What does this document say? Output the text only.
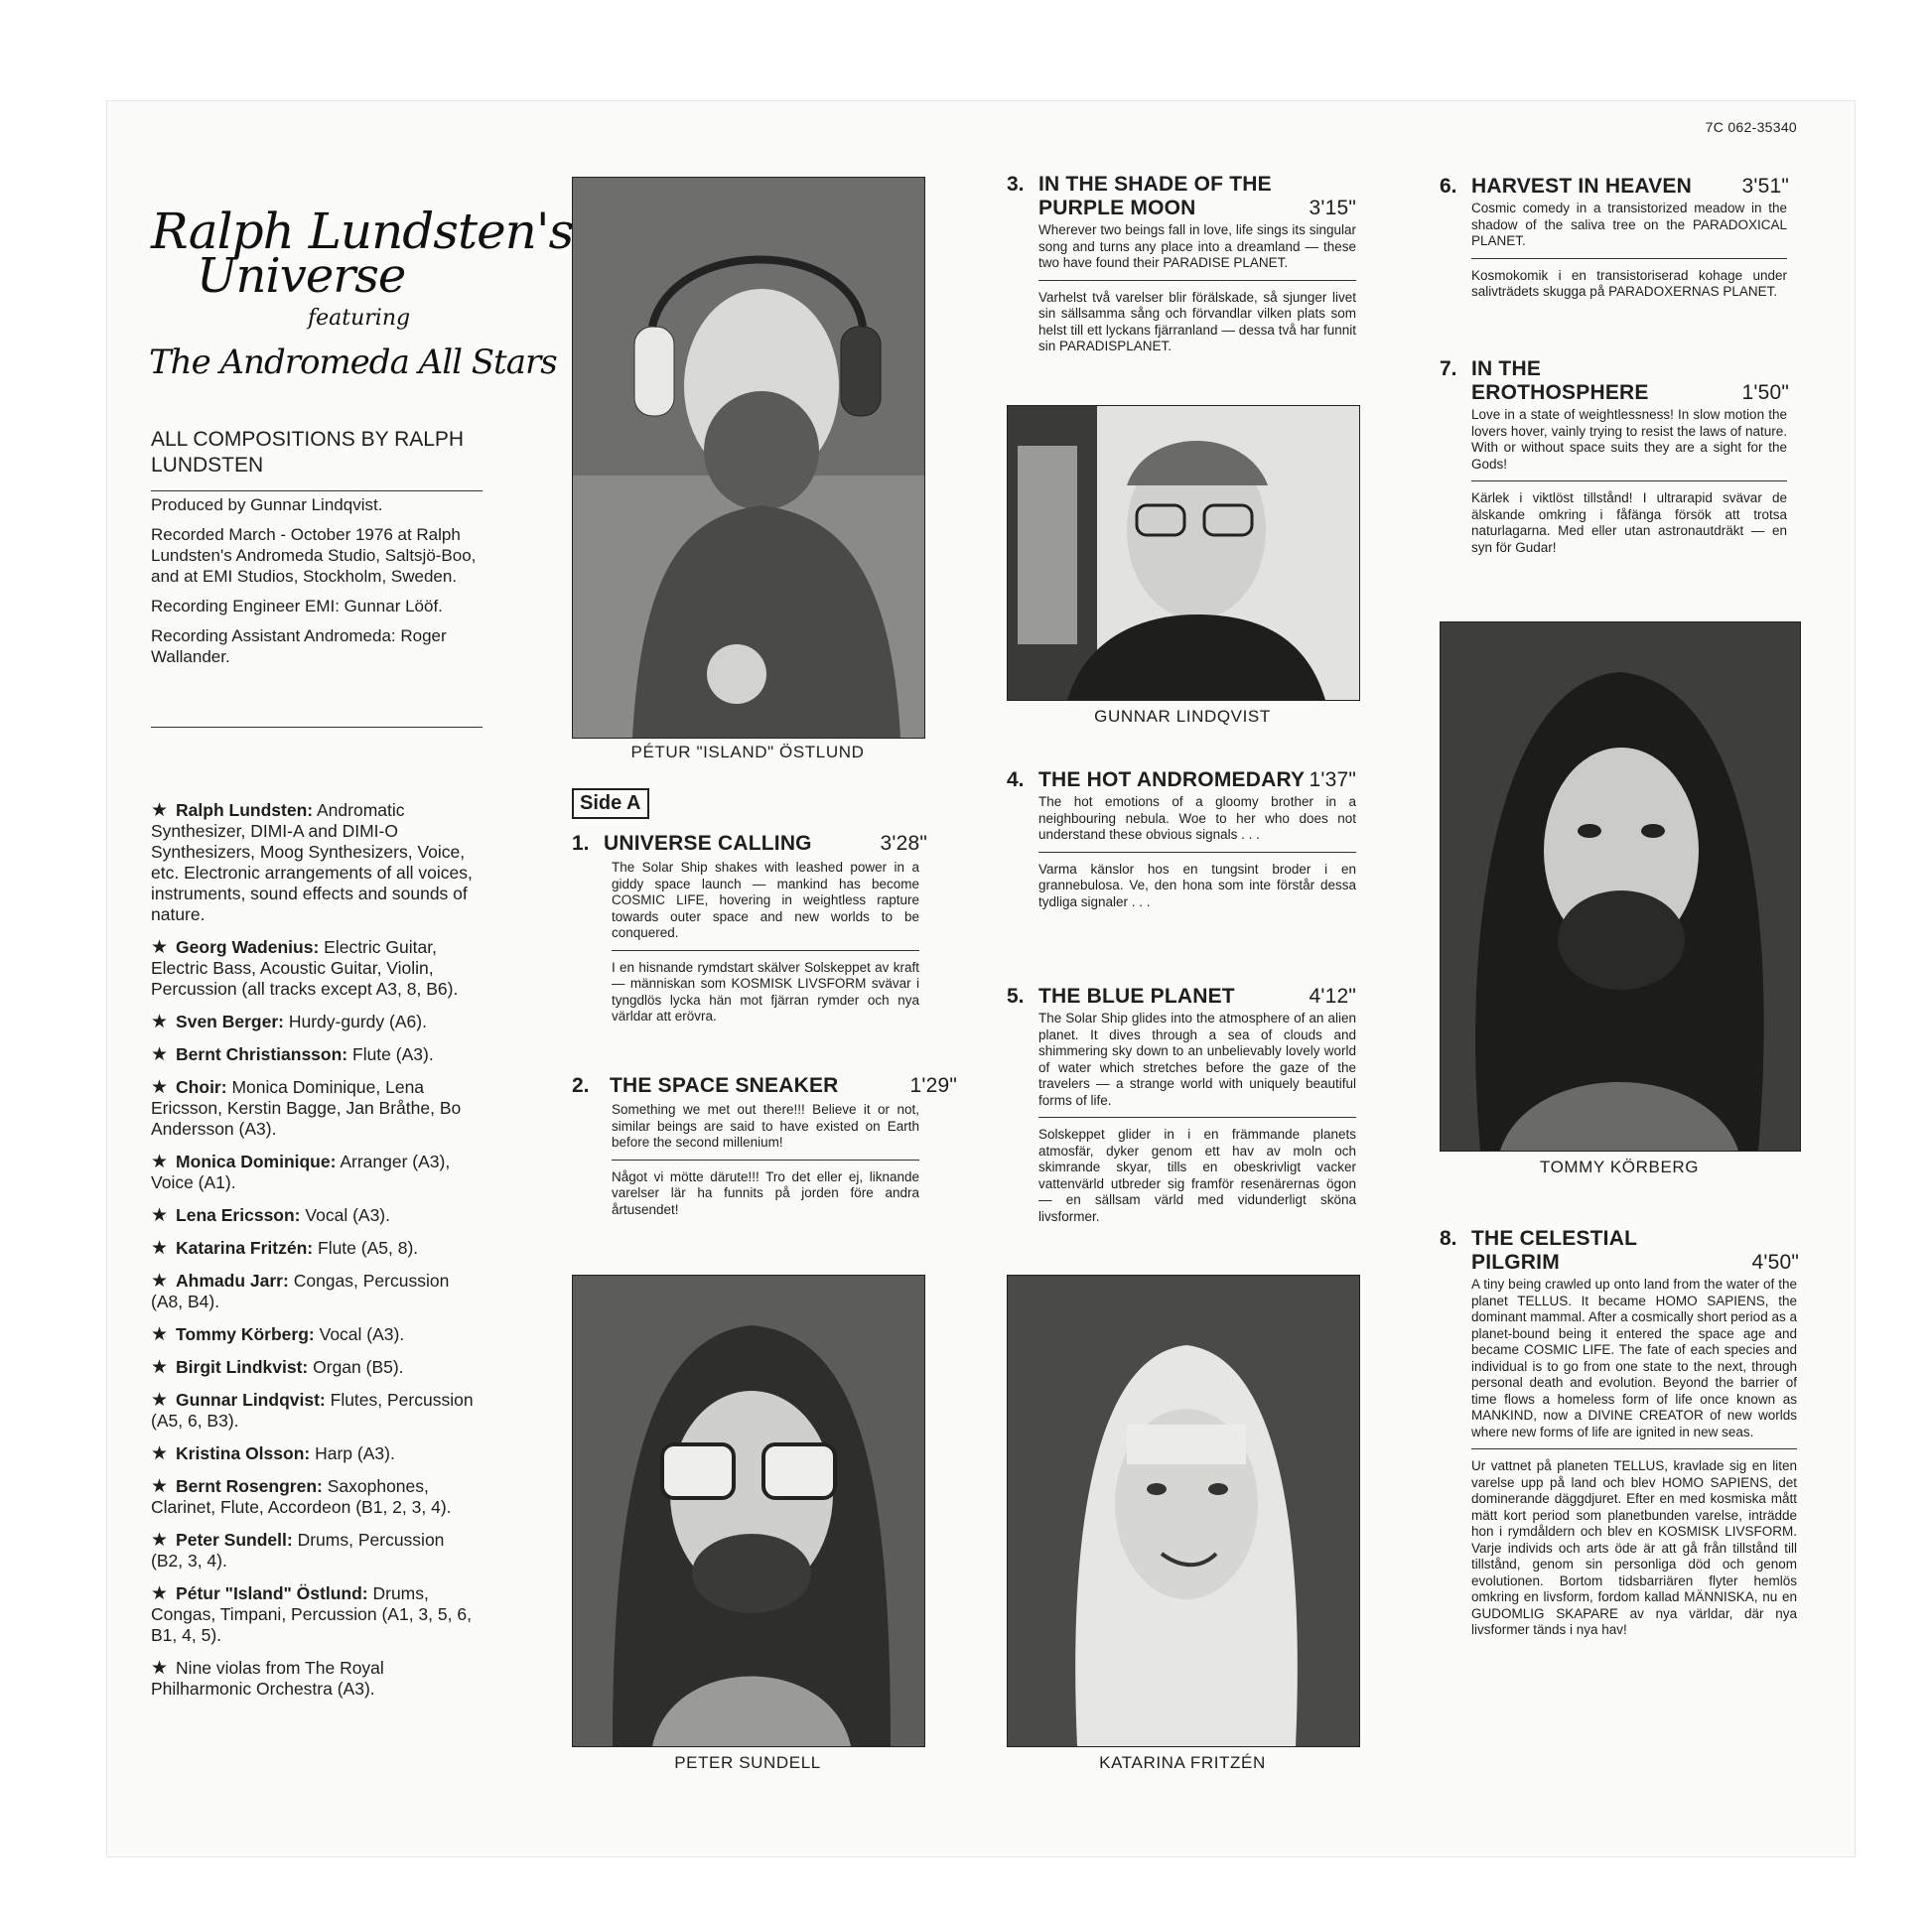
7C 062-35340
Ralph Lundsten's
Universe
featuring
The Andromeda All Stars
ALL COMPOSITIONS BY RALPH LUNDSTEN

Produced by Gunnar Lindqvist.

Recorded March - October 1976 at Ralph Lundsten's Andromeda Studio, Saltsjö-Boo, and at EMI Studios, Stockholm, Sweden.

Recording Engineer EMI: Gunnar Lööf.

Recording Assistant Andromeda: Roger Wallander.

★ Ralph Lundsten: Andromatic Synthesizer, DIMI-A and DIMI-O Synthesizers, Moog Synthesizers, Voice, etc. Electronic arrangements of all voices, instruments, sound effects and sounds of nature.
★ Georg Wadenius: Electric Guitar, Electric Bass, Acoustic Guitar, Violin, Percussion (all tracks except A3, 8, B6).
★ Sven Berger: Hurdy-gurdy (A6).
★ Bernt Christiansson: Flute (A3).
★ Choir: Monica Dominique, Lena Ericsson, Kerstin Bagge, Jan Bråthe, Bo Andersson (A3).
★ Monica Dominique: Arranger (A3), Voice (A1).
★ Lena Ericsson: Vocal (A3).
★ Katarina Fritzén: Flute (A5, 8).
★ Ahmadu Jarr: Congas, Percussion (A8, B4).
★ Tommy Körberg: Vocal (A3).
★ Birgit Lindkvist: Organ (B5).
★ Gunnar Lindqvist: Flutes, Percussion (A5, 6, B3).
★ Kristina Olsson: Harp (A3).
★ Bernt Rosengren: Saxophones, Clarinet, Flute, Accordeon (B1, 2, 3, 4).
★ Peter Sundell: Drums, Percussion (B2, 3, 4).
★ Pétur "Island" Östlund: Drums, Congas, Timpani, Percussion (A1, 3, 5, 6, B1, 4, 5).
★ Nine violas from The Royal Philharmonic Orchestra (A3).
PÉTUR "ISLAND" ÖSTLUND
Side A
1. UNIVERSE CALLING	3'28"
The Solar Ship shakes with leashed power in a giddy space launch — mankind has become COSMIC LIFE, hovering in weightless rapture towards outer space and new worlds to be conquered.
I en hisnande rymdstart skälver Solskeppet av kraft — människan som KOSMISK LIVSFORM svävar i tyngdlös lycka hän mot fjärran rymder och nya världar att erövra.
2. THE SPACE SNEAKER	1'29"
Something we met out there!!! Believe it or not, similar beings are said to have existed on Earth before the second millenium!
Något vi mötte därute!!! Tro det eller ej, liknande varelser lär ha funnits på jorden före andra årtusendet!
PETER SUNDELL
3. IN THE SHADE OF THE PURPLE MOON	3'15"
Wherever two beings fall in love, life sings its singular song and turns any place into a dreamland — these two have found their PARADISE PLANET.
Varhelst två varelser blir förälskade, så sjunger livet sin sällsamma sång och förvandlar vilken plats som helst till ett lyckans fjärranland — dessa två har funnit sin PARADISPLANET.
GUNNAR LINDQVIST
4. THE HOT ANDROMEDARY 1'37"
The hot emotions of a gloomy brother in a neighbouring nebula. Woe to her who does not understand these obvious signals . . .
Varma känslor hos en tungsint broder i en grannebulosa. Ve, den hona som inte förstår dessa tydliga signaler . . .
5. THE BLUE PLANET	4'12"
The Solar Ship glides into the atmosphere of an alien planet. It dives through a sea of clouds and shimmering sky down to an unbelievably lovely world of water which stretches before the gaze of the travelers — a strange world with uniquely beautiful forms of life.
Solskeppet glider in i en främmande planets atmosfär, dyker genom ett hav av moln och skimrande skyar, tills en obeskrivligt vacker vattenvärld utbreder sig framför resenärernas ögon — en sällsam värld med vidunderligt sköna livsformer.
KATARINA FRITZÉN
6. HARVEST IN HEAVEN 3'51"
Cosmic comedy in a transistorized meadow in the shadow of the saliva tree on the PARADOXICAL PLANET.
Kosmokomik i en transistoriserad kohage under salivträdets skugga på PARADOXERNAS PLANET.
7. IN THE EROTHOSPHERE	1'50"
Love in a state of weightlessness! In slow motion the lovers hover, vainly trying to resist the laws of nature. With or without space suits they are a sight for the Gods!
Kärlek i viktlöst tillstånd! I ultrarapid svävar de älskande omkring i fåfänga försök att trotsa naturlagarna. Med eller utan astronautdräkt — en syn för Gudar!
TOMMY KÖRBERG
8. THE CELESTIAL PILGRIM	4'50"
A tiny being crawled up onto land from the water of the planet TELLUS. It became HOMO SAPIENS, the dominant mammal. After a cosmically short period as a planet-bound being it entered the space age and became COSMIC LIFE. The fate of each species and individual is to go from one state to the next, through personal death and evolution. Beyond the barrier of time flows a homeless form of life once known as MANKIND, now a DIVINE CREATOR of new worlds where new forms of life are ignited in new seas.
Ur vattnet på planeten TELLUS, kravlade sig en liten varelse upp på land och blev HOMO SAPIENS, det dominerande däggdjuret. Efter en med kosmiska mått mätt kort period som planetbunden varelse, inträdde hon i rymdåldern och blev en KOSMISK LIVSFORM. Varje individs och arts öde är att gå från tillstånd till tillstånd, genom sin personliga död och genom evolutionen. Bortom tidsbarriären flyter hemlös omkring en livsform, fordom kallad MÄNNISKA, nu en GUDOMLIG SKAPARE av nya världar, där nya livsformer tänds i nya hav!
